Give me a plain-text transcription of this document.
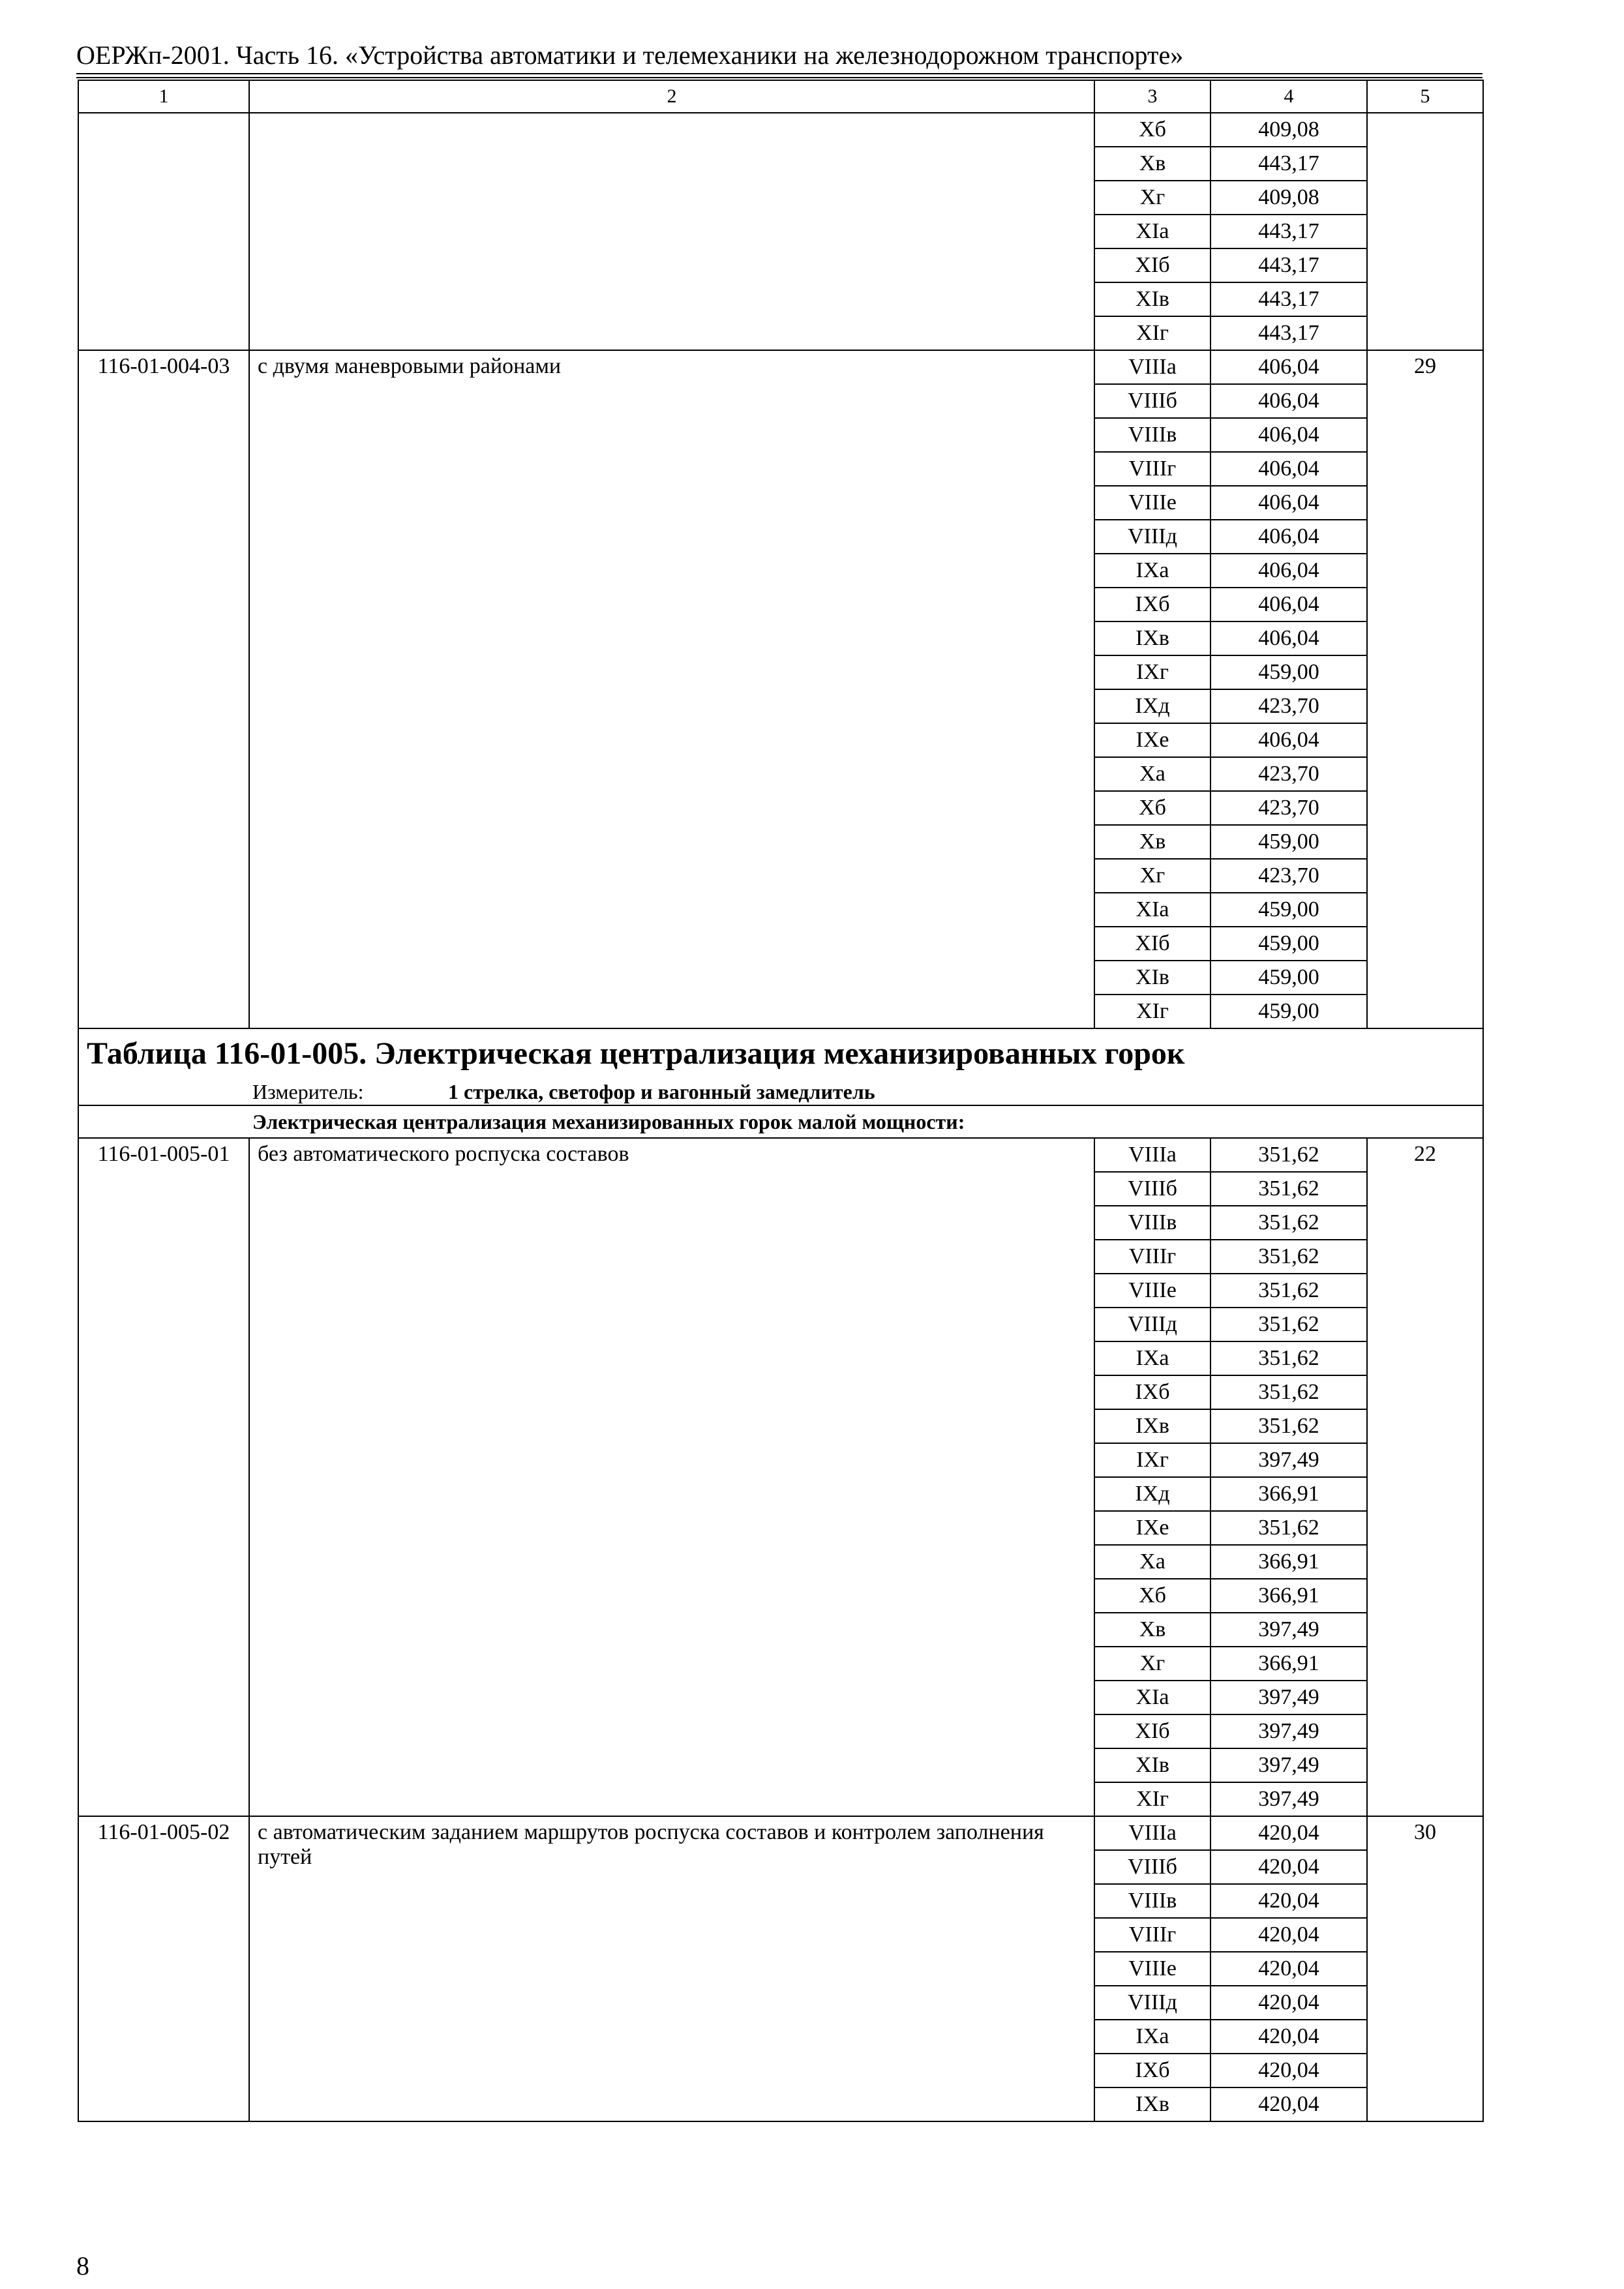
ОЕРЖп-2001. Часть 16. «Устройства автоматики и телемеханики на железнодорожном транспорте»
1	2	3	4	5
		Xб	409,08	
		Xв	443,17	
		Xг	409,08	
		XIа	443,17	
		XIб	443,17	
		XIв	443,17	
		XIг	443,17	
116-01-004-03	с двумя маневровыми районами	VIIIа	406,04	29
		VIIIб	406,04	
		VIIIв	406,04	
		VIIIг	406,04	
		VIIIе	406,04	
		VIIIд	406,04	
		IXа	406,04	
		IXб	406,04	
		IXв	406,04	
		IXг	459,00	
		IXд	423,70	
		IXе	406,04	
		Xа	423,70	
		Xб	423,70	
		Xв	459,00	
		Xг	423,70	
		XIа	459,00	
		XIб	459,00	
		XIв	459,00	
		XIг	459,00	
Таблица 116-01-005. Электрическая централизация механизированных горок				
Измеритель: 1 стрелка, светофор и вагонный замедлитель				
Электрическая централизация механизированных горок малой мощности:				
116-01-005-01	без автоматического роспуска составов	VIIIа	351,62	22
		VIIIб	351,62	
		VIIIв	351,62	
		VIIIг	351,62	
		VIIIе	351,62	
		VIIIд	351,62	
		IXа	351,62	
		IXб	351,62	
		IXв	351,62	
		IXг	397,49	
		IXд	366,91	
		IXе	351,62	
		Xа	366,91	
		Xб	366,91	
		Xв	397,49	
		Xг	366,91	
		XIа	397,49	
		XIб	397,49	
		XIв	397,49	
		XIг	397,49	
116-01-005-02	с автоматическим заданием маршрутов роспуска составов и контролем заполнения путей	VIIIа	420,04	30
		VIIIб	420,04	
		VIIIв	420,04	
		VIIIг	420,04	
		VIIIе	420,04	
		VIIIд	420,04	
		IXа	420,04	
		IXб	420,04	
		IXв	420,04	
8
